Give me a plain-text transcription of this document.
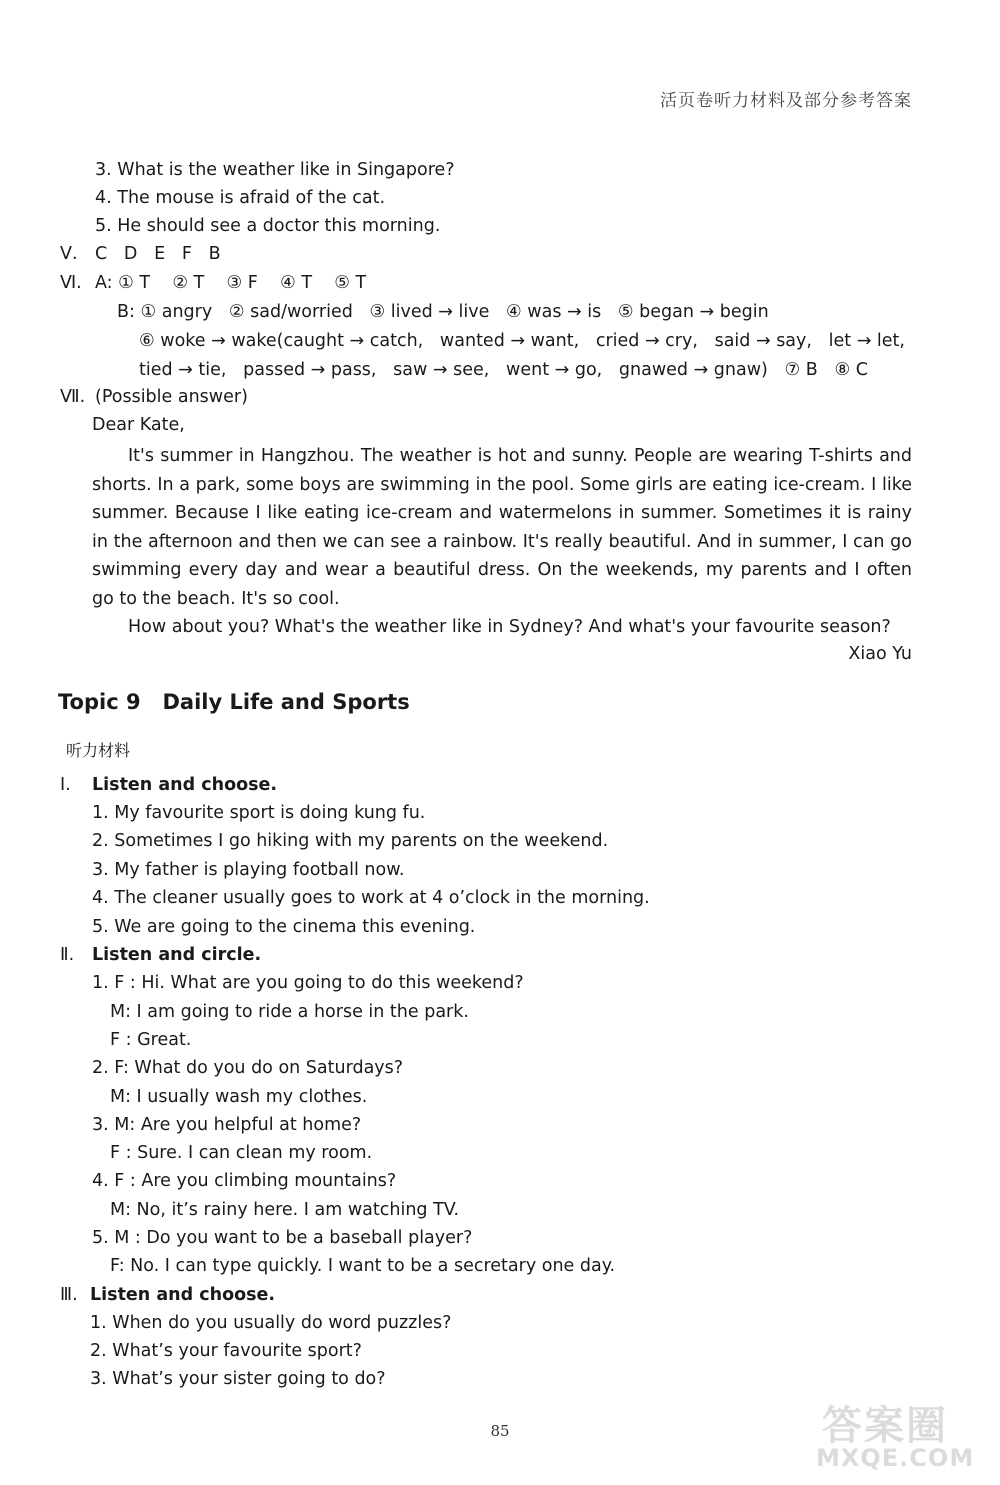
活页卷听力材料及部分参考答案
3. What is the weather like in Singapore?
4. The mouse is afraid of the cat.
5. He should see a doctor this morning.
Ⅴ. C   D   E   F   B
Ⅵ. A: ① T    ② T    ③ F    ④ T    ⑤ T
B: ① angry   ② sad/worried   ③ lived → live   ④ was → is   ⑤ began → begin
⑥ woke → wake(caught → catch,   wanted → want,   cried → cry,   said → say,   let → let,
tied → tie,   passed → pass,   saw → see,   went → go,   gnawed → gnaw)   ⑦ B   ⑧ C
Ⅶ. (Possible answer)
Dear Kate,
It's summer in Hangzhou. The weather is hot and sunny. People are wearing T-shirts and shorts. In a park, some boys are swimming in the pool. Some girls are eating ice-cream. I like summer. Because I like eating ice-cream and watermelons in summer. Sometimes it is rainy in the afternoon and then we can see a rainbow. It's really beautiful. And in summer, I can go swimming every day and wear a beautiful dress. On the weekends, my parents and I often go to the beach. It's so cool.
How about you? What's the weather like in Sydney? And what's your favourite season?
Xiao Yu
Topic 9   Daily Life and Sports
听力材料
Ⅰ. Listen and choose.
1. My favourite sport is doing kung fu.
2. Sometimes I go hiking with my parents on the weekend.
3. My father is playing football now.
4. The cleaner usually goes to work at 4 o’clock in the morning.
5. We are going to the cinema this evening.
Ⅱ. Listen and circle.
1. F : Hi. What are you going to do this weekend?
M: I am going to ride a horse in the park.
F : Great.
2. F: What do you do on Saturdays?
M: I usually wash my clothes.
3. M: Are you helpful at home?
F : Sure. I can clean my room.
4. F : Are you climbing mountains?
M: No, it’s rainy here. I am watching TV.
5. M : Do you want to be a baseball player?
F: No. I can type quickly. I want to be a secretary one day.
Ⅲ. Listen and choose.
1. When do you usually do word puzzles?
2. What’s your favourite sport?
3. What’s your sister going to do?
85	答案圈
MXQE.COM
